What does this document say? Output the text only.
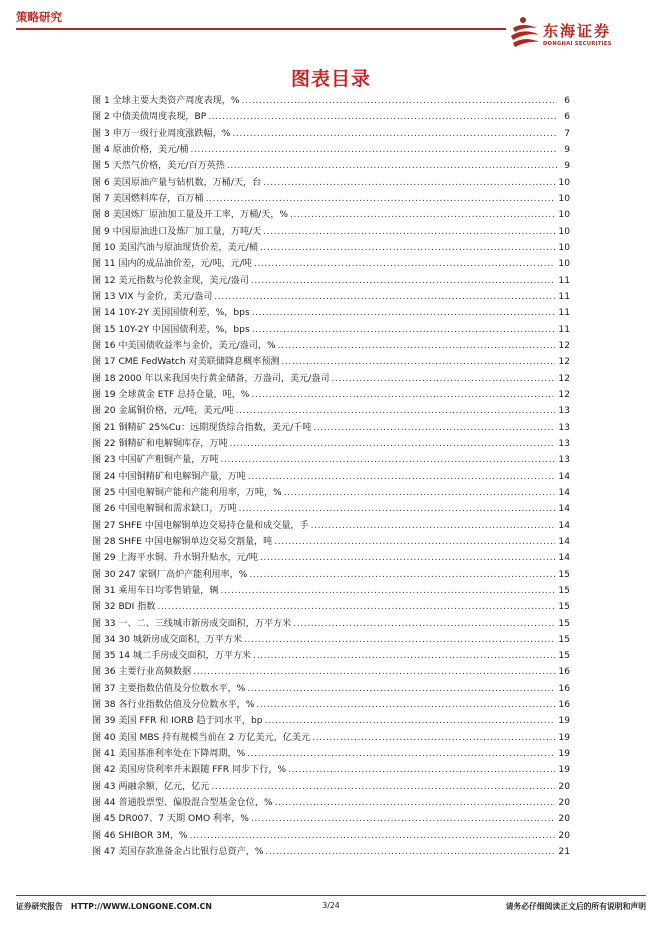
策略研究
东海证券
DONGHAI SECURITIES
图表目录
图 1 全球主要大类资产周度表现，% .....	6
图 2 中债美债周度表现，BP .....	6
图 3 申万一级行业周度涨跌幅，% .....	7
图 4 原油价格，美元/桶 .....	9
图 5 天然气价格，美元/百万英热 .....	9
图 6 美国原油产量与钻机数，万桶/天，台 .....	10
图 7 美国燃料库存，百万桶 .....	10
图 8 美国炼厂原油加工量及开工率，万桶/天，% .....	10
图 9 中国原油进口及炼厂加工量，万吨/天 .....	10
图 10 美国汽油与原油现货价差，美元/桶 .....	10
图 11 国内的成品油价差，元/吨，元/吨 .....	10
图 12 美元指数与伦敦金现，美元/盎司 .....	11
图 13 VIX 与金价，美元/盎司 .....	11
图 14 10Y-2Y 美国国债利差，%，bps .....	11
图 15 10Y-2Y 中国国债利差，%，bps .....	11
图 16 中美国债收益率与金价，美元/盎司，% .....	12
图 17 CME FedWatch 对美联储降息概率预测 .....	12
图 18 2000 年以来我国央行黄金储备，万盎司，美元/盎司 .....	12
图 19 全球黄金 ETF 总持仓量，吨，% .....	12
图 20 金属铜价格，元/吨，美元/吨 .....	13
图 21 铜精矿 25%Cu：远期现货综合指数，美元/千吨 .....	13
图 22 铜精矿和电解铜库存，万吨 .....	13
图 23 中国矿产粗铜产量，万吨 .....	13
图 24 中国铜精矿和电解铜产量，万吨 .....	14
图 25 中国电解铜产能和产能利用率，万吨，% .....	14
图 26 中国电解铜和需求缺口，万吨 .....	14
图 27 SHFE 中国电解铜单边交易持仓量和成交量，手 .....	14
图 28 SHFE 中国电解铜单边交易交割量，吨 .....	14
图 29 上海平水铜、升水铜升贴水，元/吨 .....	14
图 30 247 家钢厂高炉产能利用率，% .....	15
图 31 乘用车日均零售销量，辆 .....	15
图 32 BDI 指数 .....	15
图 33 一、二、三线城市新房成交面积，万平方米 .....	15
图 34 30 城新房成交面积，万平方米 .....	15
图 35 14 城二手房成交面积，万平方米 .....	15
图 36 主要行业高频数据 .....	16
图 37 主要指数估值及分位数水平，% .....	16
图 38 各行业指数估值及分位数水平，% .....	16
图 39 美国 FFR 和 IORB 趋于同水平，bp .....	19
图 40 美国 MBS 持有规模当前在 2 万亿美元，亿美元 .....	19
图 41 美国基准利率处在下降周期，% .....	19
图 42 美国房贷利率并未跟随 FFR 同步下行，% .....	19
图 43 两融余额，亿元，亿元 .....	20
图 44 普通股票型、偏股混合型基金仓位，% .....	20
图 45 DR007、7 天期 OMO 利率，% .....	20
图 46 SHIBOR 3M，% .....	20
图 47 美国存款准备金占比银行总资产，% .....	21
证券研究报告   HTTP://WWW.LONGONE.COM.CN	3/24	请务必仔细阅读正文后的所有说明和声明
